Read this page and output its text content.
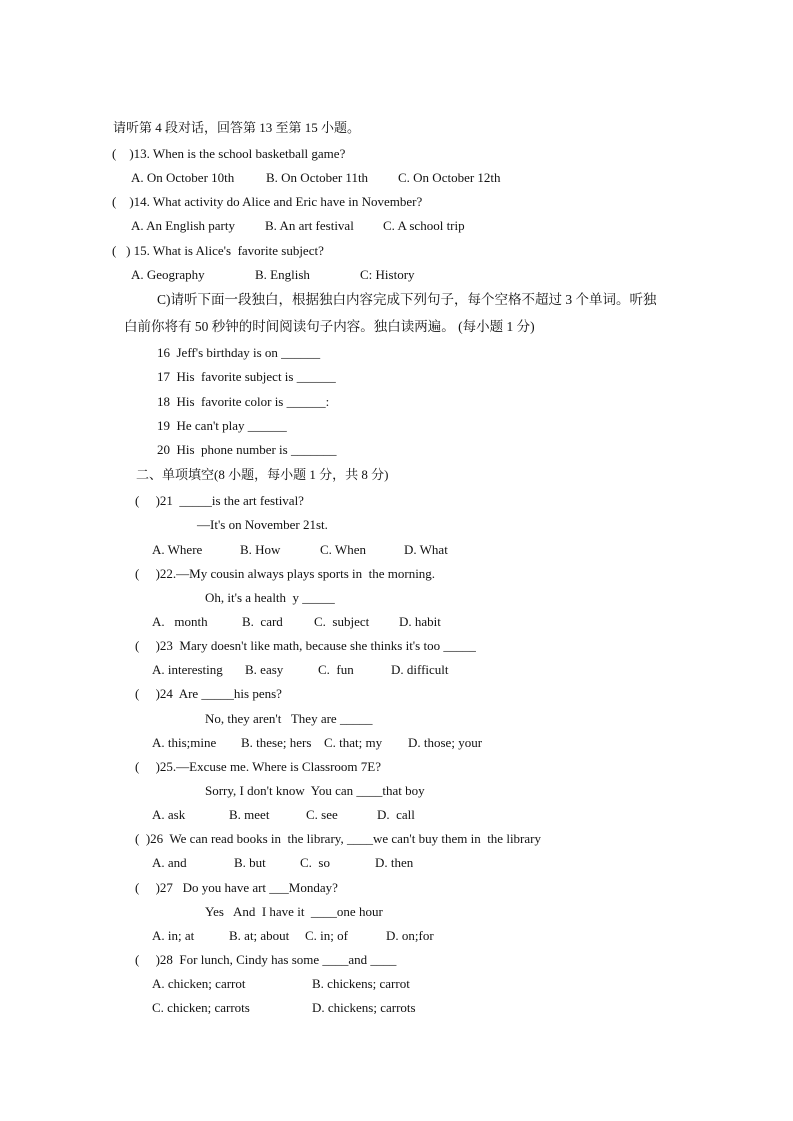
请听第 4 段对话，回答第 13 至第 15 小题。
(    )13. When is the school basketball game?
A. On October 10th B. On October 11th C. On October 12th
(    )14. What activity do Alice and Eric have in November?
A. An English party B. An art festival C. A school trip
(   ) 15. What is Alice's  favorite subject?
A. Geography	B. English	C: History
C)请听下面一段独白，根据独白内容完成下列句子，每个空格不超过 3 个单词。听独
白前你将有 50 秒钟的时间阅读句子内容。独白读两遍。 (每小题 1 分)
16  Jeff's birthday is on ______
17  His  favorite subject is ______
18  His  favorite color is ______:
19  He can't play ______
20  His  phone number is _______
二、单项填空(8 小题，每小题 1 分，共 8 分)
(     )21  _____is the art festival?
—It's on November 21st.
A. Where	B. How	C. When	D. What
(     )22.—My cousin always plays sports in  the morning.
Oh, it's a health  y _____
A.   month	B.  card C.  subject D. habit
(     )23  Mary doesn't like math, because she thinks it's too _____
A. interesting B. easy	C.  fun	D. difficult
(     )24  Are _____his pens?
No, they aren't   They are _____
A. this;mine B. these; hers C. that; my D. those; your
(     )25.—Excuse me. Where is Classroom 7E?
Sorry, I don't know  You can ____that boy
A. ask	B. meet	C. see	D.  call
(  )26  We can read books in  the library, ____we can't buy them in  the library
A. and	B. but	C.  so	D. then
(     )27   Do you have art ___Monday?
Yes   And  I have it  ____one hour
A. in; at	B. at; about C. in; of	D. on;for
(     )28  For lunch, Cindy has some ____and ____
A. chicken; carrot	B. chickens; carrot
C. chicken; carrots	D. chickens; carrots
